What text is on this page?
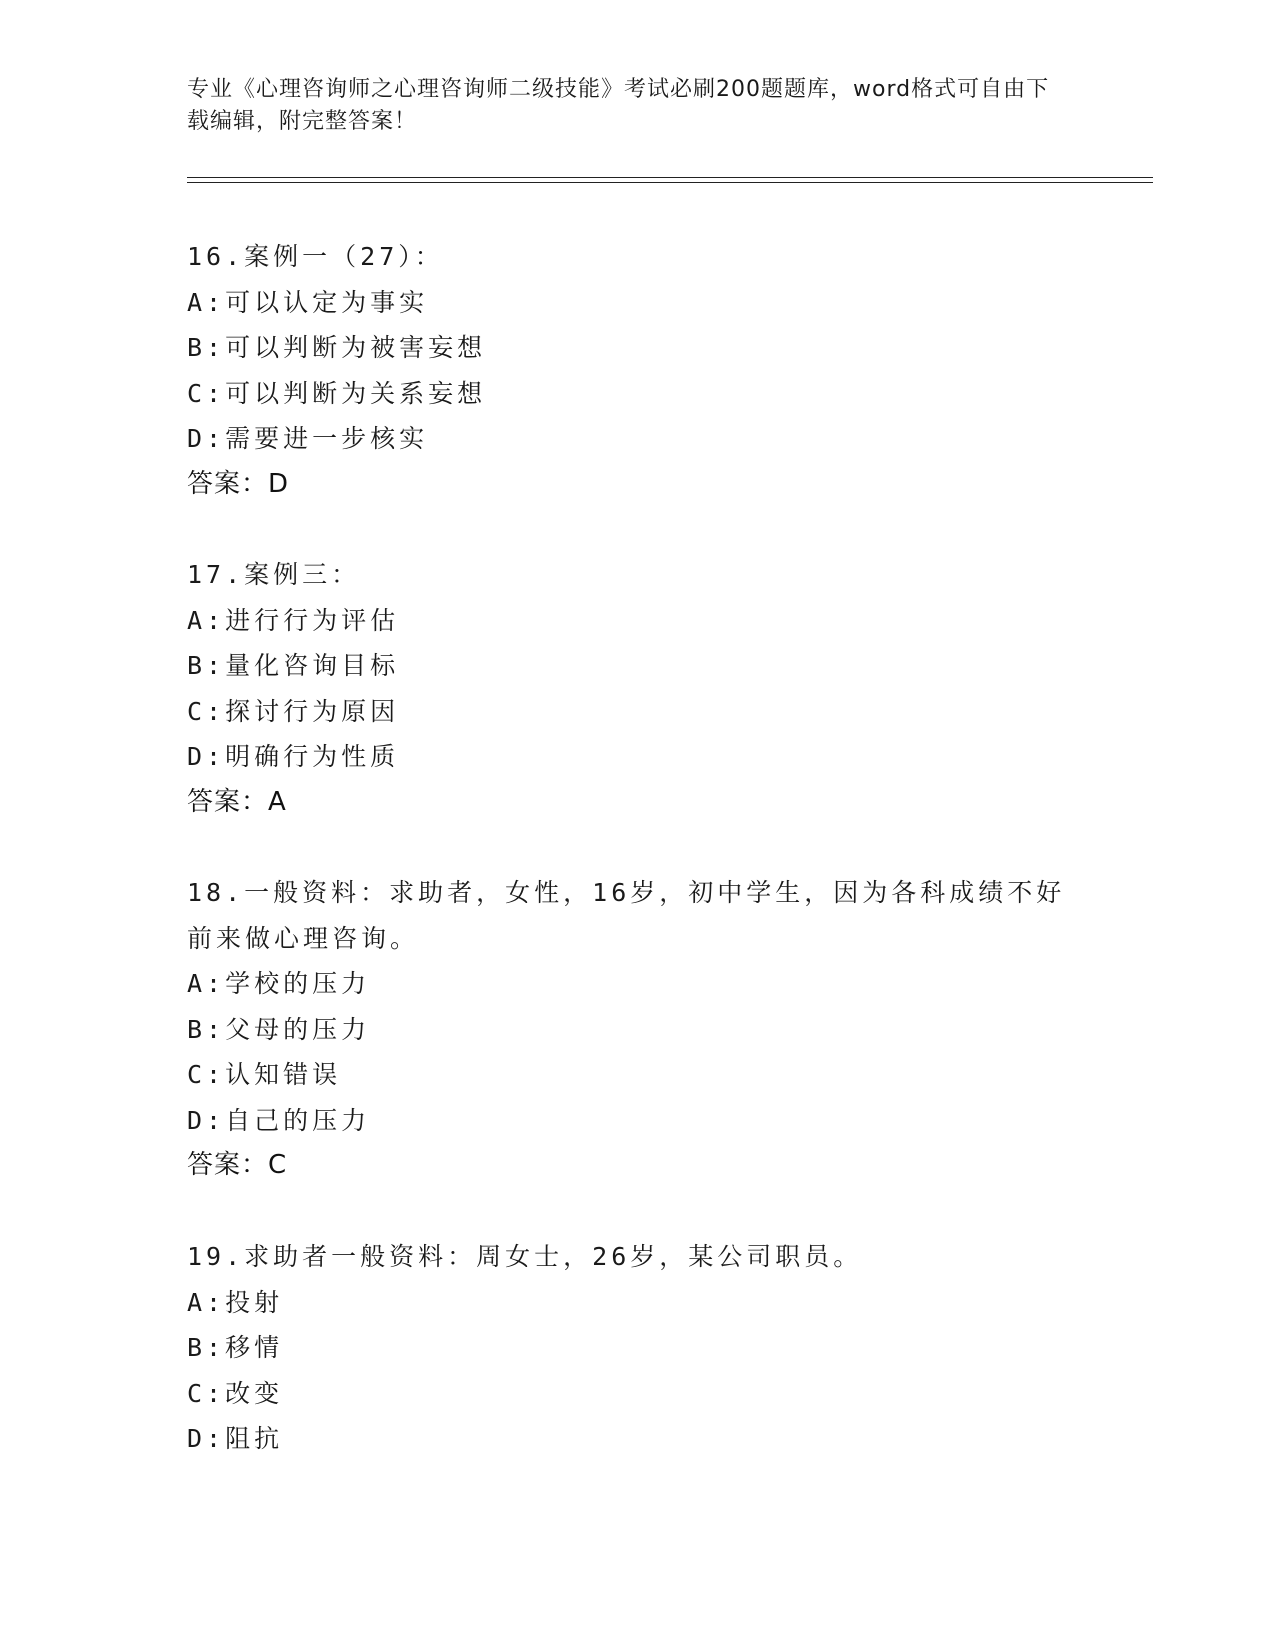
专业《心理咨询师之心理咨询师二级技能》考试必刷200题题库，word格式可自由下载编辑，附完整答案！
16.案例一（27）：
A:可以认定为事实
B:可以判断为被害妄想
C:可以判断为关系妄想
D:需要进一步核实
答案：D
17.案例三：
A:进行行为评估
B:量化咨询目标
C:探讨行为原因
D:明确行为性质
答案：A
18.一般资料：求助者，女性，16岁，初中学生，因为各科成绩不好前来做心理咨询。
A:学校的压力
B:父母的压力
C:认知错误
D:自己的压力
答案：C
19.求助者一般资料：周女士，26岁，某公司职员。
A:投射
B:移情
C:改变
D:阻抗
